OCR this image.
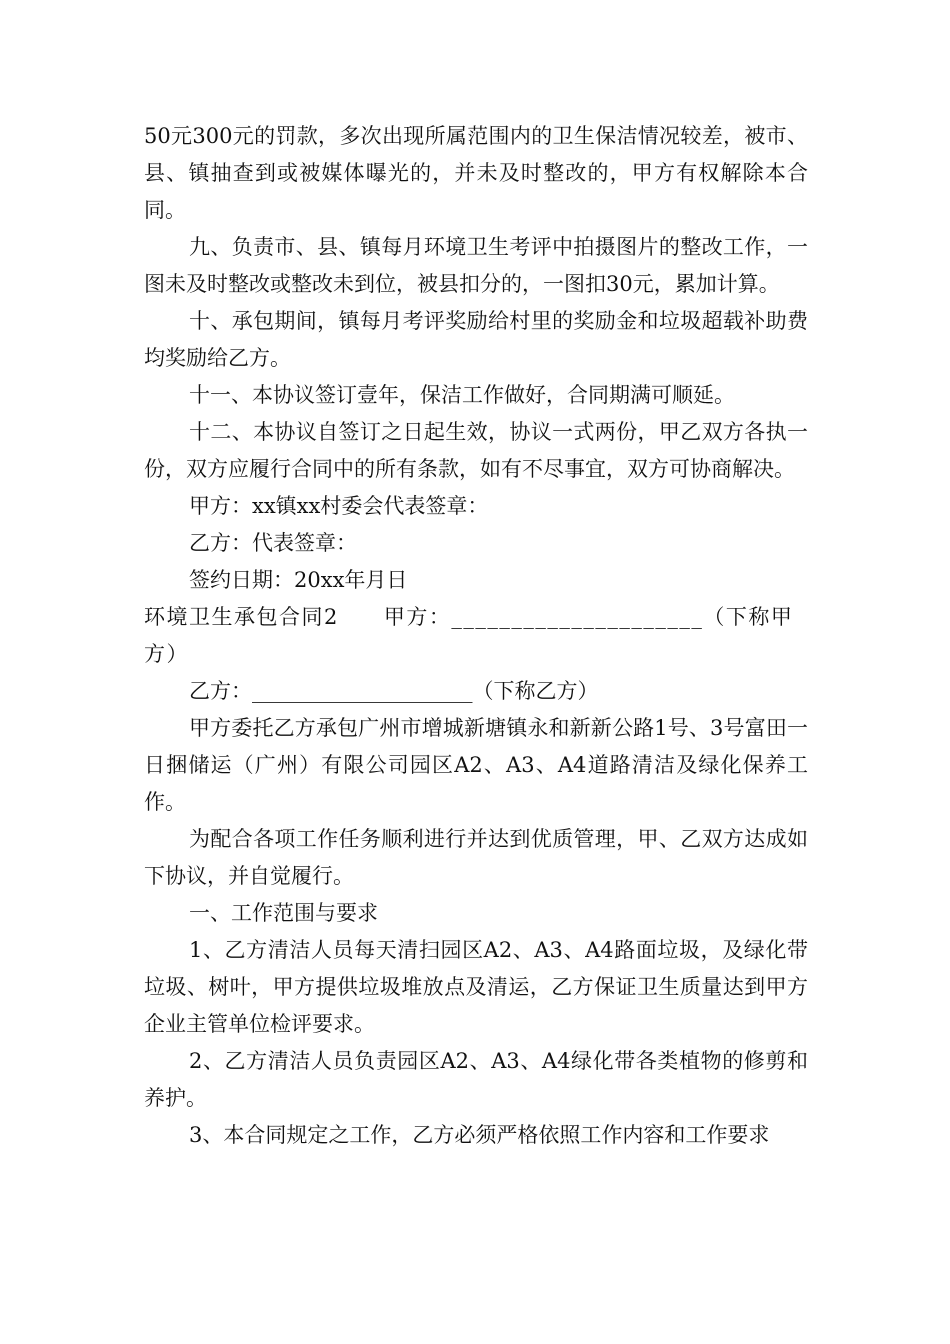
50元300元的罚款，多次出现所属范围内的卫生保洁情况较差，被市、县、镇抽查到或被媒体曝光的，并未及时整改的，甲方有权解除本合同。

九、负责市、县、镇每月环境卫生考评中拍摄图片的整改工作，一图未及时整改或整改未到位，被县扣分的，一图扣30元，累加计算。

十、承包期间，镇每月考评奖励给村里的奖励金和垃圾超载补助费均奖励给乙方。

十一、本协议签订壹年，保洁工作做好，合同期满可顺延。

十二、本协议自签订之日起生效，协议一式两份，甲乙双方各执一份，双方应履行合同中的所有条款，如有不尽事宜，双方可协商解决。

甲方：xx镇xx村委会代表签章：

乙方：代表签章：

签约日期：20xx年月日

环境卫生承包合同2　　甲方：_____________________（下称甲方）

乙方：_____________________（下称乙方）

甲方委托乙方承包广州市增城新塘镇永和新新公路1号、3号富田一日捆储运（广州）有限公司园区A2、A3、A4道路清洁及绿化保养工作。

为配合各项工作任务顺利进行并达到优质管理，甲、乙双方达成如下协议，并自觉履行。

一、工作范围与要求

1、乙方清洁人员每天清扫园区A2、A3、A4路面垃圾，及绿化带垃圾、树叶，甲方提供垃圾堆放点及清运，乙方保证卫生质量达到甲方企业主管单位检评要求。

2、乙方清洁人员负责园区A2、A3、A4绿化带各类植物的修剪和养护。

3、本合同规定之工作，乙方必须严格依照工作内容和工作要求
